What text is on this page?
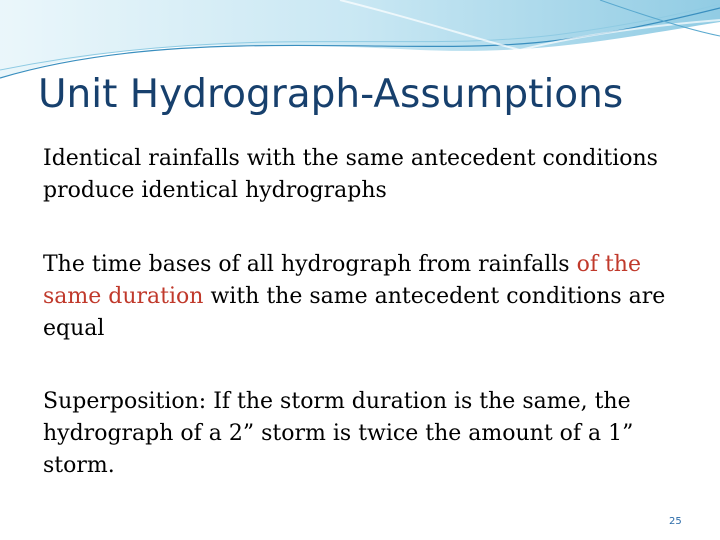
Unit Hydrograph-Assumptions
Identical rainfalls with the same antecedent conditions produce identical hydrographs
The time bases of all hydrograph from rainfalls of the same duration with the same antecedent conditions are equal
Superposition: If the storm duration is the same, the hydrograph of a 2” storm is twice the amount of a 1” storm.
25
